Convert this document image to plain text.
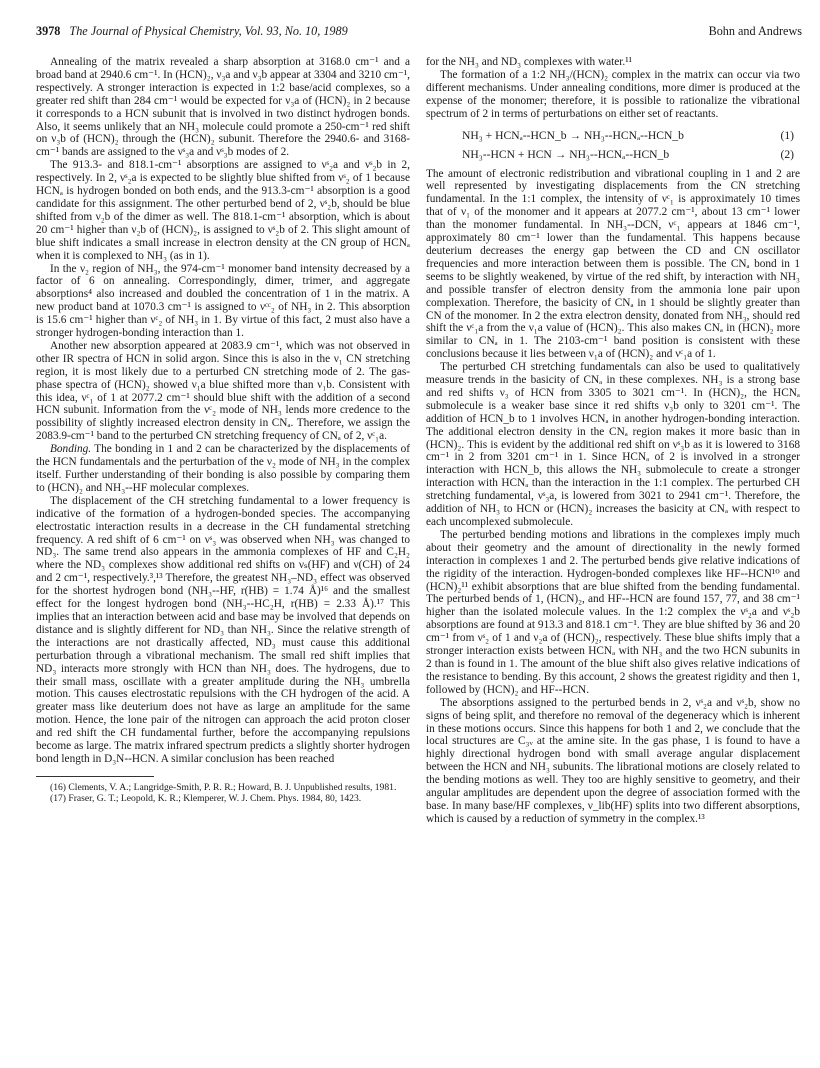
3978 The Journal of Physical Chemistry, Vol. 93, No. 10, 1989	Bohn and Andrews

Annealing of the matrix revealed a sharp absorption at 3168.0 cm⁻¹ and a broad band at 2940.6 cm⁻¹. In (HCN)₂, ν₃a and ν₃b appear at 3304 and 3210 cm⁻¹, respectively. A stronger interaction is expected in 1:2 base/acid complexes, so a greater red shift than 284 cm⁻¹ would be expected for ν₃a of (HCN)₂ in 2 because it corresponds to a HCN subunit that is involved in two distinct hydrogen bonds. Also, it seems unlikely that an NH₃ molecule could promote a 250-cm⁻¹ red shift on ν₃b of (HCN)₂ through the (HCN)₂ subunit. Therefore the 2940.6- and 3168-cm⁻¹ bands are assigned to the νˢ₃a and νˢ₃b modes of 2.

The 913.3- and 818.1-cm⁻¹ absorptions are assigned to νˢ₂a and νˢ₂b in 2, respectively. In 2, νˢ₂a is expected to be slightly blue shifted from νˢ₂ of 1 because HCNₐ is hydrogen bonded on both ends, and the 913.3-cm⁻¹ absorption is a good candidate for this assignment. The other perturbed bend of 2, νˢ₂b, should be blue shifted from ν₂b of the dimer as well. The 818.1-cm⁻¹ absorption, which is about 20 cm⁻¹ higher than ν₂b of (HCN)₂, is assigned to νˢ₂b of 2. This slight amount of blue shift indicates a small increase in electron density at the CN group of HCNₐ when it is complexed to NH₃ (as in 1).

In the ν₂ region of NH₃, the 974-cm⁻¹ monomer band intensity decreased by a factor of 6 on annealing. Correspondingly, dimer, trimer, and aggregate absorptions⁴ also increased and doubled the concentration of 1 in the matrix. A new product band at 1070.3 cm⁻¹ is assigned to νᶜᶜ₂ of NH₃ in 2. This absorption is 15.6 cm⁻¹ higher than νᶜ₂ of NH₃ in 1. By virtue of this fact, 2 must also have a stronger hydrogen-bonding interaction than 1.

Another new absorption appeared at 2083.9 cm⁻¹, which was not observed in other IR spectra of HCN in solid argon. Since this is also in the ν₁ CN stretching region, it is most likely due to a perturbed CN stretching mode of 2. The gas-phase spectra of (HCN)₂ showed ν₁a blue shifted more than ν₁b. Consistent with this idea, νᶜ₁ of 1 at 2077.2 cm⁻¹ should blue shift with the addition of a second HCN subunit. Information from the νᶜ₂ mode of NH₃ lends more credence to the possibility of slightly increased electron density in CNₐ. Therefore, we assign the 2083.9-cm⁻¹ band to the perturbed CN stretching frequency of CNₐ of 2, νᶜ₁a.

Bonding. The bonding in 1 and 2 can be characterized by the displacements of the HCN fundamentals and the perturbation of the ν₂ mode of NH₃ in the complex itself. Further understanding of their bonding is also possible by comparing them to (HCN)₂ and NH₃--HF molecular complexes.

The displacement of the CH stretching fundamental to a lower frequency is indicative of the formation of a hydrogen-bonded species. The accompanying electrostatic interaction results in a decrease in the CH fundamental stretching frequency. A red shift of 6 cm⁻¹ on νˢ₃ was observed when NH₃ was changed to ND₃. The same trend also appears in the ammonia complexes of HF and C₂H₂ where the ND₃ complexes show additional red shifts on νₛ(HF) and ν(CH) of 24 and 2 cm⁻¹, respectively.³,¹³ Therefore, the greatest NH₃–ND₃ effect was observed for the shortest hydrogen bond (NH₃--HF, r(HB) = 1.74 Å)¹⁶ and the smallest effect for the longest hydrogen bond (NH₃--HC₂H, r(HB) = 2.33 Å).¹⁷ This implies that an interaction between acid and base may be involved that depends on distance and is slightly different for ND₃ than NH₃. Since the relative strength of the interactions are not drastically affected, ND₃ must cause this additional perturbation through a vibrational mechanism. The small red shift implies that ND₃ interacts more strongly with HCN than NH₃ does. The hydrogens, due to their small mass, oscillate with a greater amplitude during the NH₃ umbrella motion. This causes electrostatic repulsions with the CH hydrogen of the acid. A greater mass like deuterium does not have as large an amplitude for the same motion. Hence, the lone pair of the nitrogen can approach the acid proton closer and red shift the CH fundamental further, before the accompanying repulsions become as large. The matrix infrared spectrum predicts a slightly shorter hydrogen bond length in D₃N--HCN. A similar conclusion has been reached

(16) Clements, V. A.; Langridge-Smith, P. R. R.; Howard, B. J. Unpublished results, 1981.

(17) Fraser, G. T.; Leopold, K. R.; Klemperer, W. J. Chem. Phys. 1984, 80, 1423.

for the NH₃ and ND₃ complexes with water.¹¹

The formation of a 1:2 NH₃/(HCN)₂ complex in the matrix can occur via two different mechanisms. Under annealing conditions, more dimer is produced at the expense of the monomer; therefore, it is possible to rationalize the vibrational spectrum of 2 in terms of perturbations on either set of reactants.

NH₃ + HCNₐ--HCN_b → NH₃--HCNₐ--HCN_b	(1)
NH₃--HCN + HCN → NH₃--HCNₐ--HCN_b	(2)

The amount of electronic redistribution and vibrational coupling in 1 and 2 are well represented by investigating displacements from the CN stretching fundamental. In the 1:1 complex, the intensity of νᶜ₁ is approximately 10 times that of ν₁ of the monomer and it appears at 2077.2 cm⁻¹, about 13 cm⁻¹ lower than the monomer fundamental. In NH₃--DCN, νᶜ₁ appears at 1846 cm⁻¹, approximately 80 cm⁻¹ lower than the fundamental. This happens because deuterium decreases the energy gap between the CD and CN oscillator frequencies and more interaction between them is possible. The CNₐ bond in 1 seems to be slightly weakened, by virtue of the red shift, by interaction with NH₃ and possible transfer of electron density from the ammonia lone pair upon complexation. Therefore, the basicity of CNₐ in 1 should be slightly greater than CN of the monomer. In 2 the extra electron density, donated from NH₃, should red shift the νᶜ₁a from the ν₁a value of (HCN)₂. This also makes CNₐ in (HCN)₂ more similar to CNₐ in 1. The 2103-cm⁻¹ band position is consistent with these conclusions because it lies between ν₁a of (HCN)₂ and νᶜ₁a of 1.

The perturbed CH stretching fundamentals can also be used to qualitatively measure trends in the basicity of CNₐ in these complexes. NH₃ is a strong base and red shifts ν₃ of HCN from 3305 to 3021 cm⁻¹. In (HCN)₂, the HCNₐ submolecule is a weaker base since it red shifts ν₃b only to 3201 cm⁻¹. The addition of HCN_b to 1 involves HCNₐ in another hydrogen-bonding interaction. The additional electron density in the CNₐ region makes it more basic than in (HCN)₂. This is evident by the additional red shift on νˢ₃b as it is lowered to 3168 cm⁻¹ in 2 from 3201 cm⁻¹ in 1. Since HCNₐ of 2 is involved in a stronger interaction with HCN_b, this allows the NH₃ submolecule to create a stronger interaction with HCNₐ than the interaction in the 1:1 complex. The perturbed CH stretching fundamental, νˢ₃a, is lowered from 3021 to 2941 cm⁻¹. Therefore, the addition of NH₃ to HCN or (HCN)₂ increases the basicity at CNₐ with respect to each uncomplexed submolecule.

The perturbed bending motions and librations in the complexes imply much about their geometry and the amount of directionality in the newly formed interaction in complexes 1 and 2. The perturbed bends give relative indications of the rigidity of the interaction. Hydrogen-bonded complexes like HF--HCN¹⁰ and (HCN)₂¹¹ exhibit absorptions that are blue shifted from the bending fundamental. The perturbed bends of 1, (HCN)₂, and HF--HCN are found 157, 77, and 38 cm⁻¹ higher than the isolated molecule values. In the 1:2 complex the νˢ₂a and νˢ₂b absorptions are found at 913.3 and 818.1 cm⁻¹. They are blue shifted by 36 and 20 cm⁻¹ from νˢ₂ of 1 and ν₂a of (HCN)₂, respectively. These blue shifts imply that a stronger interaction exists between HCNₐ with NH₃ and the two HCN subunits in 2 than is found in 1. The amount of the blue shift also gives relative indications of the resistance to bending. By this account, 2 shows the greatest rigidity and then 1, followed by (HCN)₂ and HF--HCN.

The absorptions assigned to the perturbed bends in 2, νˢ₂a and νˢ₂b, show no signs of being split, and therefore no removal of the degeneracy which is inherent in these motions occurs. Since this happens for both 1 and 2, we conclude that the local structures are C₃ᵥ at the amine site. In the gas phase, 1 is found to have a highly directional hydrogen bond with small average angular displacement between the HCN and NH₃ subunits. The librational motions are closely related to the bending motions as well. They too are highly sensitive to geometry, and their angular amplitudes are dependent upon the degree of association formed with the base. In many base/HF complexes, ν_lib(HF) splits into two different absorptions, which is caused by a reduction of symmetry in the complex.¹³
